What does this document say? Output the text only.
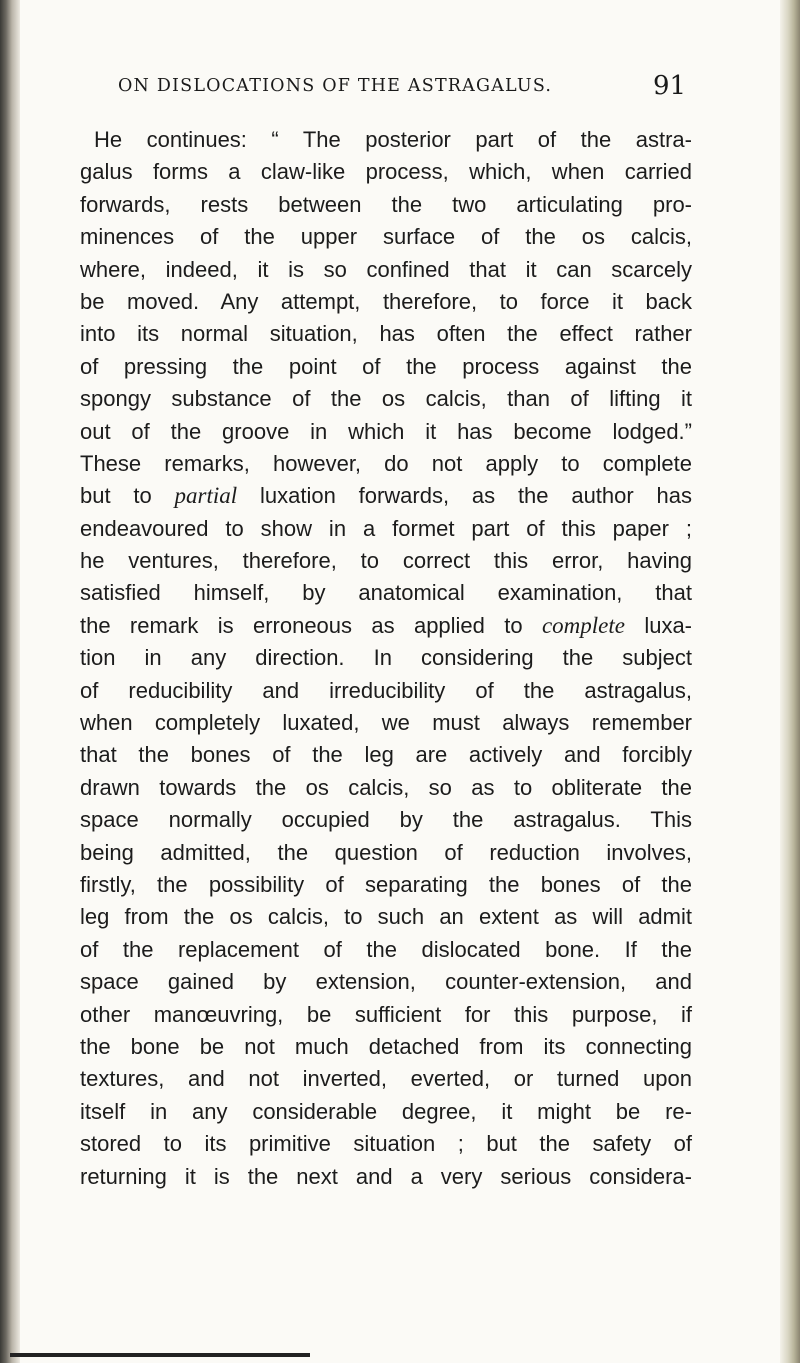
ON DISLOCATIONS OF THE ASTRAGALUS.	91
He continues: “ The posterior part of the astra-
galus forms a claw-like process, which, when carried
forwards, rests between the two articulating pro-
minences of the upper surface of the os calcis,
where, indeed, it is so confined that it can scarcely
be moved. Any attempt, therefore, to force it back
into its normal situation, has often the effect rather
of pressing the point of the process against the
spongy substance of the os calcis, than of lifting it
out of the groove in which it has become lodged.”
These remarks, however, do not apply to complete
but to partial luxation forwards, as the author has
endeavoured to show in a formet part of this paper ;
he ventures, therefore, to correct this error, having
satisfied himself, by anatomical examination, that
the remark is erroneous as applied to complete luxa-
tion in any direction. In considering the subject
of reducibility and irreducibility of the astragalus,
when completely luxated, we must always remember
that the bones of the leg are actively and forcibly
drawn towards the os calcis, so as to obliterate the
space normally occupied by the astragalus. This
being admitted, the question of reduction involves,
firstly, the possibility of separating the bones of the
leg from the os calcis, to such an extent as will admit
of the replacement of the dislocated bone. If the
space gained by extension, counter-extension, and
other manœuvring, be sufficient for this purpose, if
the bone be not much detached from its connecting
textures, and not inverted, everted, or turned upon
itself in any considerable degree, it might be re-
stored to its primitive situation ; but the safety of
returning it is the next and a very serious considera-
